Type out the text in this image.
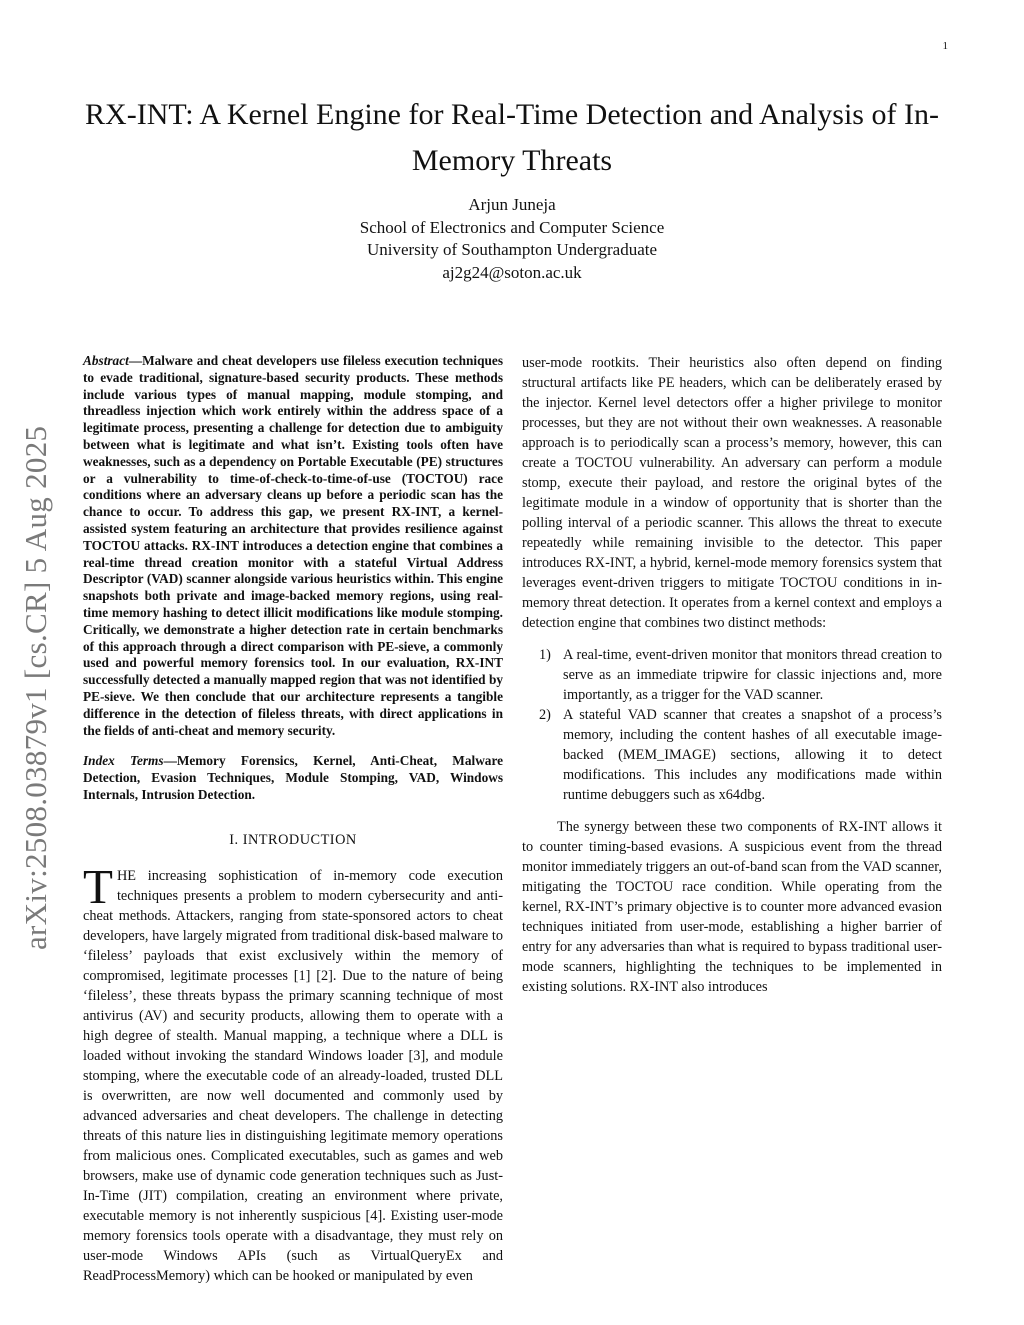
1
arXiv:2508.03879v1 [cs.CR] 5 Aug 2025
RX-INT: A Kernel Engine for Real-Time Detection and Analysis of In-Memory Threats
Arjun Juneja
School of Electronics and Computer Science
University of Southampton Undergraduate
aj2g24@soton.ac.uk

Abstract—Malware and cheat developers use fileless execution techniques to evade traditional, signature-based security products. These methods include various types of manual mapping, module stomping, and threadless injection which work entirely within the address space of a legitimate process, presenting a challenge for detection due to ambiguity between what is legitimate and what isn’t. Existing tools often have weaknesses, such as a dependency on Portable Executable (PE) structures or a vulnerability to time-of-check-to-time-of-use (TOCTOU) race conditions where an adversary cleans up before a periodic scan has the chance to occur. To address this gap, we present RX-INT, a kernel-assisted system featuring an architecture that provides resilience against TOCTOU attacks. RX-INT introduces a detection engine that combines a real-time thread creation monitor with a stateful Virtual Address Descriptor (VAD) scanner alongside various heuristics within. This engine snapshots both private and image-backed memory regions, using real-time memory hashing to detect illicit modifications like module stomping. Critically, we demonstrate a higher detection rate in certain benchmarks of this approach through a direct comparison with PE-sieve, a commonly used and powerful memory forensics tool. In our evaluation, RX-INT successfully detected a manually mapped region that was not identified by PE-sieve. We then conclude that our architecture represents a tangible difference in the detection of fileless threats, with direct applications in the fields of anti-cheat and memory security.

Index Terms—Memory Forensics, Kernel, Anti-Cheat, Malware Detection, Evasion Techniques, Module Stomping, VAD, Windows Internals, Intrusion Detection.

I. INTRODUCTION

THE increasing sophistication of in-memory code execution techniques presents a problem to modern cybersecurity and anti-cheat methods. Attackers, ranging from state-sponsored actors to cheat developers, have largely migrated from traditional disk-based malware to ‘fileless’ payloads that exist exclusively within the memory of compromised, legitimate processes [1] [2]. Due to the nature of being ‘fileless’, these threats bypass the primary scanning technique of most antivirus (AV) and security products, allowing them to operate with a high degree of stealth. Manual mapping, a technique where a DLL is loaded without invoking the standard Windows loader [3], and module stomping, where the executable code of an already-loaded, trusted DLL is overwritten, are now well documented and commonly used by advanced adversaries and cheat developers. The challenge in detecting threats of this nature lies in distinguishing legitimate memory operations from malicious ones. Complicated executables, such as games and web browsers, make use of dynamic code generation techniques such as Just-In-Time (JIT) compilation, creating an environment where private, executable memory is not inherently suspicious [4]. Existing user-mode memory forensics tools operate with a disadvantage, they must rely on user-mode Windows APIs (such as VirtualQueryEx and ReadProcessMemory) which can be hooked or manipulated by even

user-mode rootkits. Their heuristics also often depend on finding structural artifacts like PE headers, which can be deliberately erased by the injector. Kernel level detectors offer a higher privilege to monitor processes, but they are not without their own weaknesses. A reasonable approach is to periodically scan a process’s memory, however, this can create a TOCTOU vulnerability. An adversary can perform a module stomp, execute their payload, and restore the original bytes of the legitimate module in a window of opportunity that is shorter than the polling interval of a periodic scanner. This allows the threat to execute repeatedly while remaining invisible to the detector. This paper introduces RX-INT, a hybrid, kernel-mode memory forensics system that leverages event-driven triggers to mitigate TOCTOU conditions in in-memory threat detection. It operates from a kernel context and employs a detection engine that combines two distinct methods:

1) A real-time, event-driven monitor that monitors thread creation to serve as an immediate tripwire for classic injections and, more importantly, as a trigger for the VAD scanner.
2) A stateful VAD scanner that creates a snapshot of a process’s memory, including the content hashes of all executable image-backed (MEM_IMAGE) sections, allowing it to detect modifications. This includes any modifications made within runtime debuggers such as x64dbg.

The synergy between these two components of RX-INT allows it to counter timing-based evasions. A suspicious event from the thread monitor immediately triggers an out-of-band scan from the VAD scanner, mitigating the TOCTOU race condition. While operating from the kernel, RX-INT’s primary objective is to counter more advanced evasion techniques initiated from user-mode, establishing a higher barrier of entry for any adversaries than what is required to bypass traditional user-mode scanners, highlighting the techniques to be implemented in existing solutions. RX-INT also introduces
